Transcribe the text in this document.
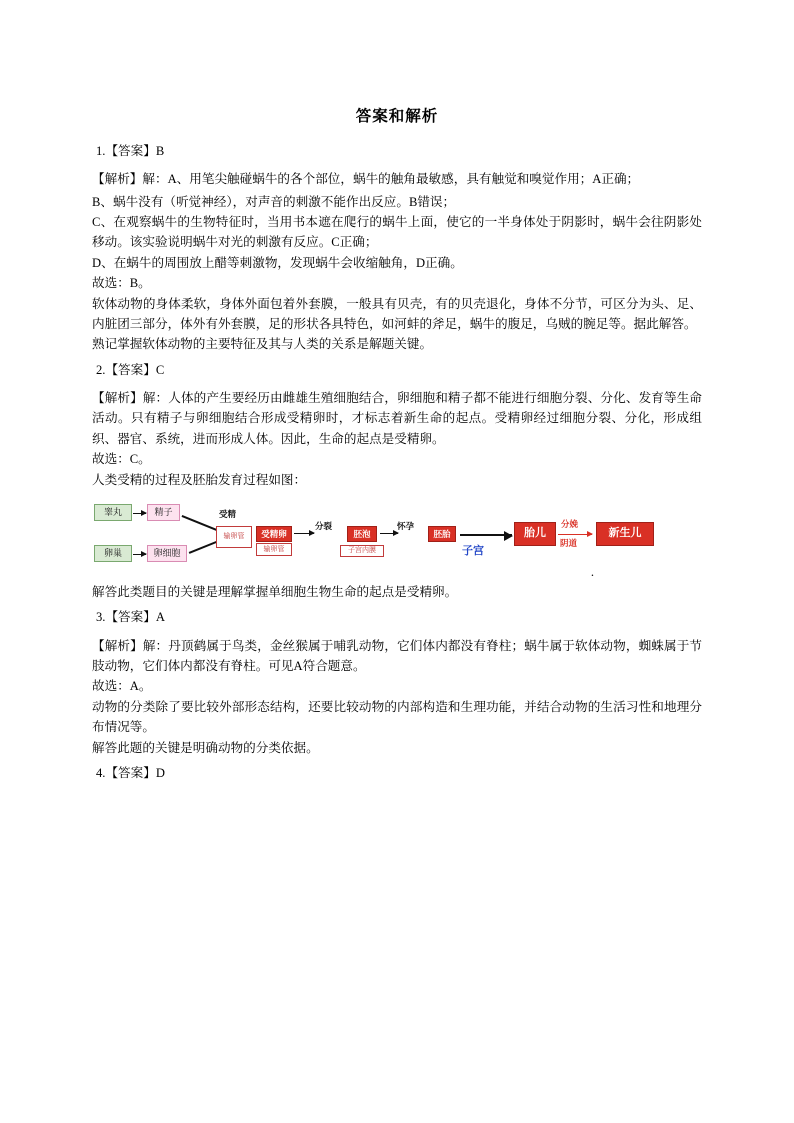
答案和解析
1.【答案】B
【解析】解：A、用笔尖触碰蜗牛的各个部位，蜗牛的触角最敏感，具有触觉和嗅觉作用；A正确；
B、蜗牛没有（听觉神经），对声音的刺激不能作出反应。B错误；
C、在观察蜗牛的生物特征时，当用书本遮在爬行的蜗牛上面，使它的一半身体处于阴影时，蜗牛会往阴影处移动。该实验说明蜗牛对光的刺激有反应。C正确；
D、在蜗牛的周围放上醋等刺激物，发现蜗牛会收缩触角，D正确。
故选：B。
软体动物的身体柔软，身体外面包着外套膜，一般具有贝壳，有的贝壳退化，身体不分节，可区分为头、足、内脏团三部分，体外有外套膜，足的形状各具特色，如河蚌的斧足，蜗牛的腹足，乌贼的腕足等。据此解答。
熟记掌握软体动物的主要特征及其与人类的关系是解题关键。
2.【答案】C
【解析】解：人体的产生要经历由雌雄生殖细胞结合，卵细胞和精子都不能进行细胞分裂、分化、发育等生命活动。只有精子与卵细胞结合形成受精卵时，才标志着新生命的起点。受精卵经过细胞分裂、分化，形成组织、器官、系统，进而形成人体。因此，生命的起点是受精卵。
故选：C。
人类受精的过程及胚胎发育过程如图：
睾丸	精子
卵巢	卵细胞
受精
输卵管	受精卵
输卵管
分裂
胚泡
子宫内膜
怀孕
胚胎
子宫
胎儿
分娩
阴道
新生儿
.
解答此类题目的关键是理解掌握单细胞生物生命的起点是受精卵。
3.【答案】A
【解析】解：丹顶鹤属于鸟类，金丝猴属于哺乳动物，它们体内都没有脊柱；蜗牛属于软体动物，蜘蛛属于节肢动物，它们体内都没有脊柱。可见A符合题意。
故选：A。
动物的分类除了要比较外部形态结构，还要比较动物的内部构造和生理功能，并结合动物的生活习性和地理分布情况等。
解答此题的关键是明确动物的分类依据。
4.【答案】D
